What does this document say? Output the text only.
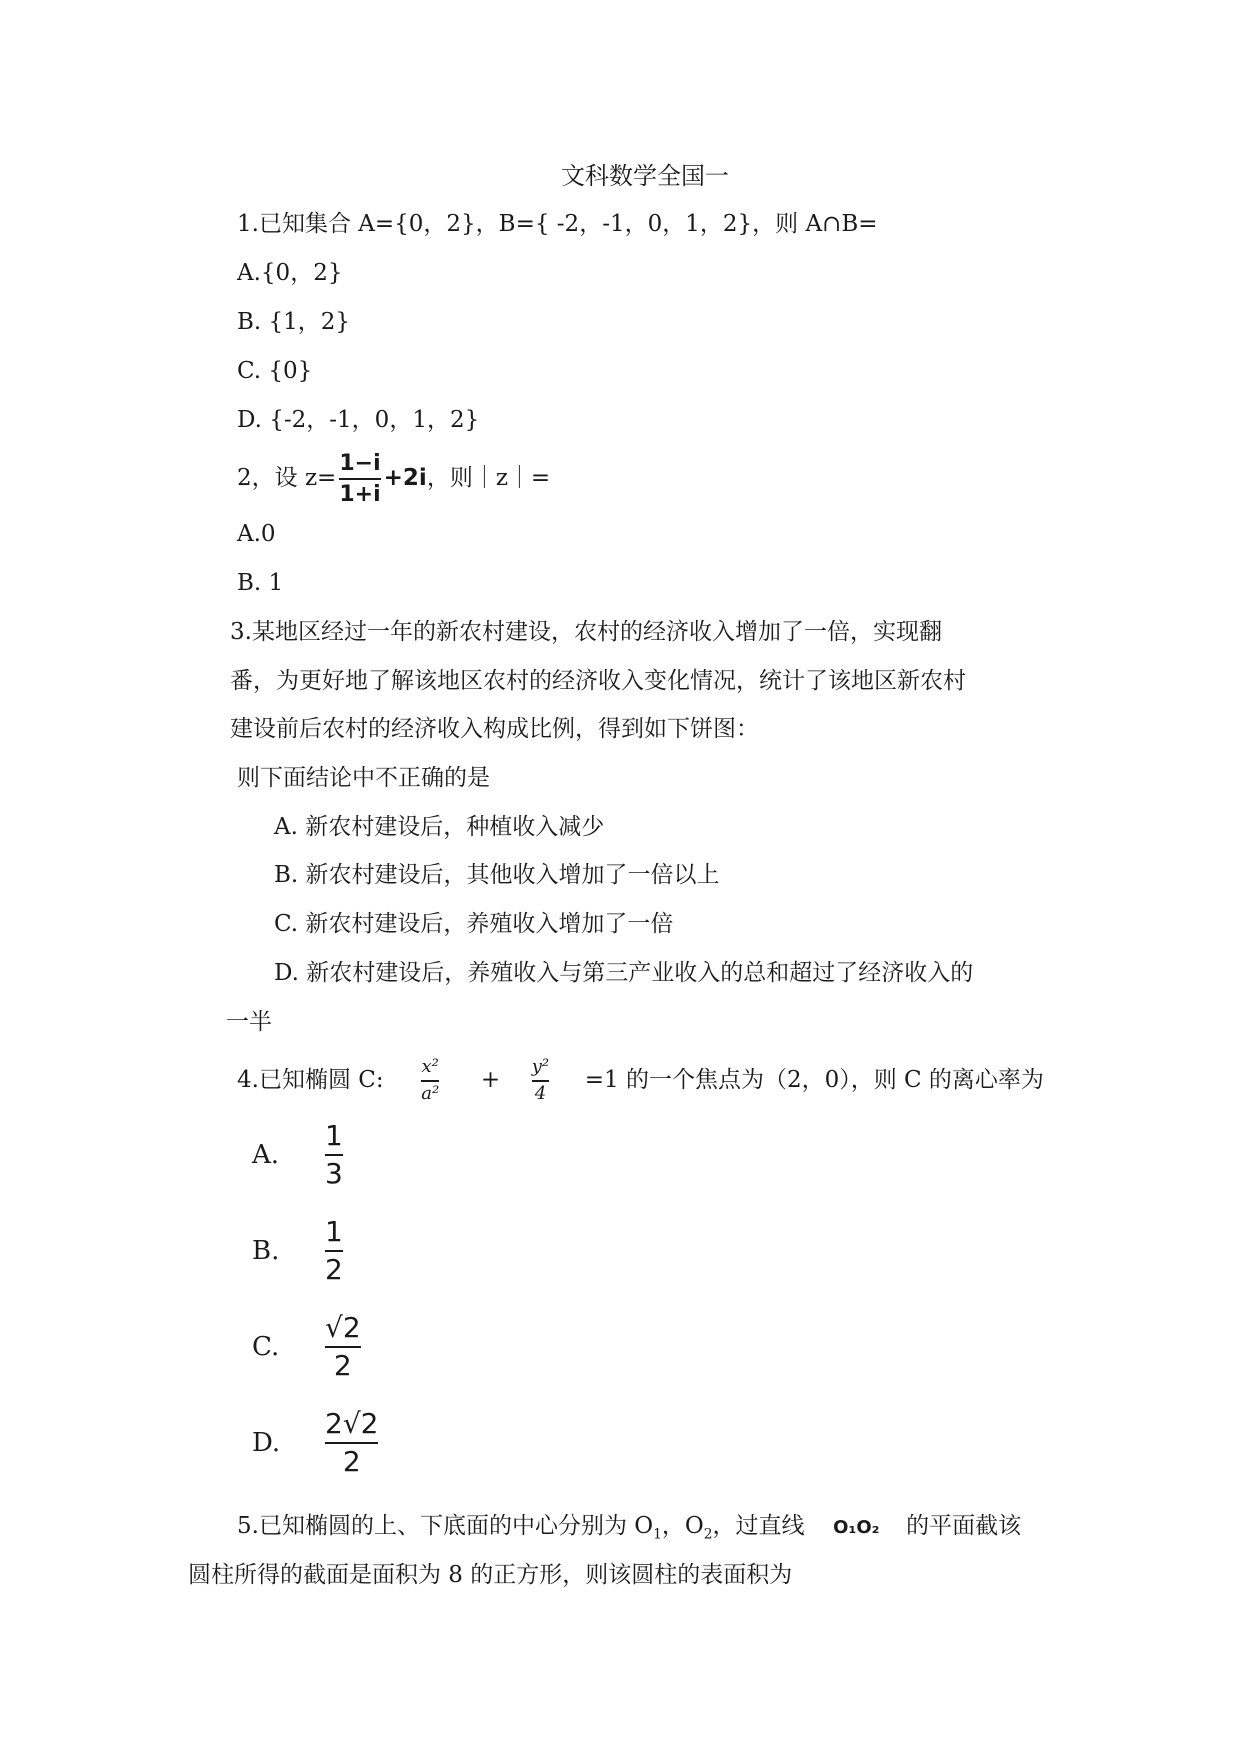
文科数学全国一
1.已知集合 A={0，2}，B={ -2，-1，0，1，2}，则 A∩B=
A.{0，2}
B. {1，2}
C. {0}
D. {-2，-1，0，1，2}
2，设 $z= \frac{1-i}{1+i} +2i$，则｜z｜=
A.0
B. 1
3.某地区经过一年的新农村建设，农村的经济收入增加了一倍，实现翻
番，为更好地了解该地区农村的经济收入变化情况，统计了该地区新农村
建设前后农村的经济收入构成比例，得到如下饼图：
则下面结论中不正确的是
A. 新农村建设后，种植收入减少
B. 新农村建设后，其他收入增加了一倍以上
C. 新农村建设后，养殖收入增加了一倍
D. 新农村建设后，养殖收入与第三产业收入的总和超过了经济收入的
一半
4.已知椭圆 C: $\frac{\text{x²}}{\text{a²}} + \frac{\text{y²}}{4} =1$ 的一个焦点为（2，0），则 C 的离心率为
A. $\frac{1}{3}$
B. $\frac{1}{2}$
C. $\frac{√2}{2}$
D. $\frac{2√2}{2}$
5.已知椭圆的上、下底面的中心分别为 $O_1$，$O_2$，过直线 O₁O₂ 的平面截该
圆柱所得的截面是面积为 8 的正方形，则该圆柱的表面积为
